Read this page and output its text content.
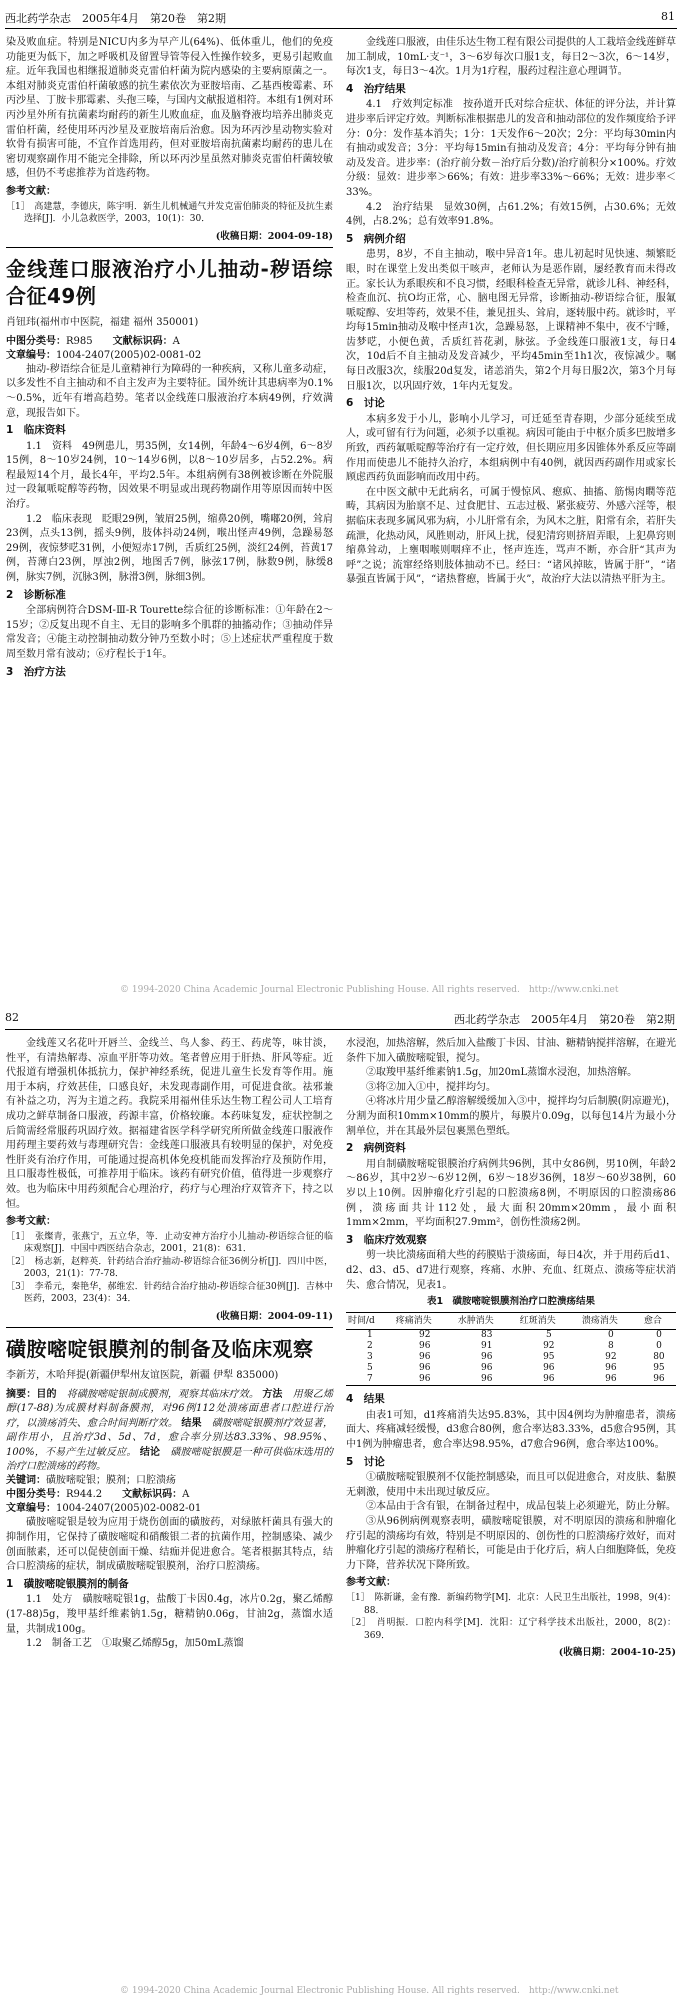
西北药学杂志　2005年4月　第20卷　第2期	81

染及败血症。特别是NICU内多为早产儿(64%)、低体重儿，他们的免疫功能更为低下，加之呼吸机及留置导管等侵入性操作较多，更易引起败血症。近年我国也相继报道肺炎克雷伯杆菌为院内感染的主要病原菌之一。本组对肺炎克雷伯杆菌敏感的抗生素依次为亚胺培南、乙基西梭霉素、环丙沙星、丁胺卡那霉素、头孢三嗪，与国内文献报道相符。本组有1例对环丙沙星外所有抗菌素均耐药的新生儿败血症，血及脑脊液均培养出肺炎克雷伯杆菌，经使用环丙沙星及亚胺培南后治愈。因为环丙沙星动物实验对软骨有损害可能，不宜作首选用药，但对亚胺培南抗菌素均耐药的患儿在密切观察副作用不能完全排除，所以环丙沙星虽然对肺炎克雷伯杆菌较敏感，但仍不考虑推荐为首选药物。

参考文献：
［1］　高建慧，李德庆，陈宇明．新生儿机械通气并发克雷伯肺炎的特征及抗生素选择[J]．小儿急救医学，2003，10(1)：30．
(收稿日期：2004-09-18)
金线莲口服液治疗小儿抽动-秽语综合征49例
肖钮玮(福州市中医院，福建 福州 350001)
中图分类号：R985　　 文献标识码：A
文章编号：1004-2407(2005)02-0081-02

抽动-秽语综合征是儿童精神行为障碍的一种疾病，又称儿童多动症，以多发性不自主抽动和不自主发声为主要特征。国外统计其患病率为0.1%～0.5%，近年有增高趋势。笔者以金线莲口服液治疗本病49例，疗效满意，现报告如下。

1　临床资料

1.1　资料　49例患儿，男35例，女14例，年龄4～6岁4例，6～8岁15例，8～10岁24例，10～14岁6例，以8～10岁居多，占52.2%。病程最短14个月，最长4年，平均2.5年。本组病例有38例被诊断在外院服过一段氟哌啶醇等药物，因效果不明显或出现药物副作用等原因而转中医治疗。

1.2　临床表现　眨眼29例，皱眉25例，缩鼻20例，嘴嘟20例，耸肩23例，点头13例，摇头9例，肢体抖动24例，喉出怪声49例，急躁易怒29例，夜惊梦呓31例，小便短赤17例，舌质红25例，淡红24例，苔黄17例，苔薄白23例，厚浊2例，地图舌7例，脉弦17例，脉数9例，脉缓8例，脉实7例，沉脉3例，脉滑3例，脉细3例。

2　诊断标准

全部病例符合DSM-Ⅲ-R Tourette综合征的诊断标准：①年龄在2～15岁；②反复出现不自主、无目的影响多个肌群的抽搐动作；③抽动伴异常发音；④能主动控制抽动数分钟乃至数小时；⑤上述症状严重程度于数周至数月常有波动；⑥疗程长于1年。

3　治疗方法

金线莲口服液，由佳乐达生物工程有限公司提供的人工栽培金线莲鲜草加工制成，10mL·支⁻¹，3～6岁每次口服1支，每日2～3次，6～14岁，每次1支，每日3～4次。1月为1疗程，服药过程注意心理调节。

4　治疗结果

4.1　疗效判定标准　按孙道开氏对综合症状、体征的评分法，并计算进步率后评定疗效。判断标准根据患儿的发音和抽动部位的发作频度给予评分：0分：发作基本消失；1分：1天发作6～20次；2分：平均每30min内有抽动或发音；3分：平均每15min有抽动及发音；4分：平均每分钟有抽动及发音。进步率：(治疗前分数－治疗后分数)/治疗前积分×100%。疗效分级：显效：进步率＞66%；有效：进步率33%～66%；无效：进步率＜33%。

4.2　治疗结果　显效30例，占61.2%；有效15例，占30.6%；无效4例，占8.2%；总有效率91.8%。

5　病例介绍

患男，8岁，不自主抽动，喉中异音1年。患儿初起时见快速、频繁眨眼，时在课堂上发出类似干咳声，老师认为是恶作剧，屡经教育而未得改正。家长认为系眼疾和不良习惯，经眼科检查无异常，就诊儿科、神经科，检查血沉、抗O均正常，心、脑电图无异常，诊断抽动-秽语综合征，服氟哌啶醇、安坦等药，效果不佳，兼见扭头、耸肩，逐转服中药。就诊时，平均每15min抽动及喉中怪声1次，急躁易怒，上课精神不集中，夜不宁睡，齿梦呓，小便色黄，舌质红苔花剥，脉弦。予金线莲口服液1支，每日4次，10d后不自主抽动及发音减少，平均45min至1h1次，夜惊减少。嘱每日改服3次，续服20d复发，诸恙消失，第2个月每日服2次，第3个月每日服1次，以巩固疗效，1年内无复发。

6　讨论

本病多发于小儿，影响小儿学习，可迁延至青春期，少部分延续至成人，或可留有行为问题，必须予以重视。病因可能由于中枢介质多巴胺增多所致，西药氟哌啶醇等治疗有一定疗效，但长期应用多因锥体外系反应等副作用而使患儿不能持久治疗，本组病例中有40例，就因西药副作用或家长顾虑西药负面影响而改用中药。

在中医文献中无此病名，可属于慢惊风、瘛疭、抽搐、筋惕肉瞤等范畴，其病因为胎禀不足、过食肥甘、五志过极、紧张疲劳、外感六淫等，根据临床表现多属风邪为病，小儿肝常有余，为风木之脏，阳常有余，若肝失疏泄，化热动风，风胜则动，肝风上扰，侵犯清窍则挤眉弄眼，上犯鼻窍则缩鼻耸动，上壅咽喉则咽痒不止，怪声连连，骂声不断，亦合肝“其声为呼”之说；流窜经络则肢体抽动不已。经曰：“诸风掉眩，皆属于肝”，“诸暴强直皆属于风”，“诸热瞀瘛，皆属于火”，故治疗大法以清热平肝为主。

© 1994-2020 China Academic Journal Electronic Publishing House. All rights reserved.　http://www.cnki.net
82	西北药学杂志　2005年4月　第20卷　第2期

金线莲又名花叶开唇兰、金线兰、鸟人参、药王、药虎等，味甘淡，性平，有清热解毒、凉血平肝等功效。笔者曾应用于肝热、肝风等症。近代报道有增强机体抵抗力，保护神经系统，促进儿童生长发育等作用。施用于本病，疗效甚佳，口感良好，未发现毒副作用，可促进食欲。祛邪兼有补益之功，泻为主道之药。我院采用福州佳乐达生物工程公司人工培育成功之鲜草制备口服液，药源丰富，价格较廉。本药味复发，症状控制之后简需经常服药巩固疗效。据福建省医学科学研究所所做金线莲口服液作用药理主要药效与毒理研究告：金线莲口服液具有较明显的保护，对免疫性肝炎有治疗作用，可能通过提高机体免疫机能而发挥治疗及预防作用，且口服毒性极低，可推荐用于临床。该药有研究价值，值得进一步观察疗效。也为临床中用药须配合心理治疗，药疗与心理治疗双管齐下，持之以恒。

参考文献：
［1］　张燦青，张燕宁，五立华，等．止动安神方治疗小儿抽动-秽语综合征的临床观察[J]．中国中西医结合杂志，2001，21(8)：631．
［2］　杨志新，赵粹英．针药结合治疗抽动-秽语综合征36例分析[J]．四川中医，2003，21(1)：77-78．
［3］　李希元，秦艳华，郝维宏．针药结合治疗抽动-秽语综合征30例[J]．吉林中医药，2003，23(4)：34．
(收稿日期：2004-09-11)
磺胺嘧啶银膜剂的制备及临床观察
李新芳，木哈拜提(新疆伊犁州友谊医院，新疆 伊犁 835000)
摘要：目的　 将磺胺嘧啶银制成膜剂，观察其临床疗效。 方法　 用聚乙烯醇(17-88)为成膜材料制备膜剂，对96例112处溃疡面患者口腔进行治疗，以溃疡消失、愈合时间判断疗效。 结果　 磺胺嘧啶银膜剂疗效显著，副作用小，且治疗3d、5d、7d，愈合率分别达83.33%、98.95%、100%，不易产生过敏反应。 结论　 磺胺嘧啶银膜是一种可供临床选用的治疗口腔溃疡的药物。
关键词：磺胺嘧啶银；膜剂；口腔溃疡
中图分类号：R944.2　　 文献标识码：A
文章编号：1004-2407(2005)02-0082-01

磺胺嘧啶银是较为应用于烧伤创面的磺胺药，对绿脓杆菌具有强大的抑制作用，它保持了磺胺嘧啶和硝酸银二者的抗菌作用，控制感染、减少创面脓素，还可以促使创面干燥、结痂并促进愈合。笔者根据其特点，结合口腔溃疡的症状，制成磺胺嘧啶银膜剂，治疗口腔溃疡。

1　磺胺嘧啶银膜剂的制备

1.1　处方　磺胺嘧啶银1g，盐酸丁卡因0.4g，冰片0.2g，聚乙烯醇(17-88)5g，羧甲基纤维素钠1.5g，糖精钠0.06g，甘油2g，蒸馏水适量，共制成100g。

1.2　制备工艺　①取聚乙烯醇5g，加50mL蒸馏

水浸泡，加热溶解，然后加入盐酸丁卡因、甘油、糖精钠搅拌溶解，在避光条件下加入磺胺嘧啶银，搅匀。

②取羧甲基纤维素钠1.5g，加20mL蒸馏水浸泡，加热溶解。

③将②加入①中，搅拌均匀。

④将冰片用少量乙醇溶解缓缓加入③中，搅拌均匀后制膜(阴凉避光)，分割为面积10mm×10mm的膜片，每膜片0.09g，以每包14片为最小分割单位，并在其最外层包裹黑色塑纸。

2　病例资料

用自制磺胺嘧啶银膜治疗病例共96例，其中女86例，男10例，年龄2～86岁，其中2岁～6岁12例，6岁～18岁36例，18岁～60岁38例，60岁以上10例。因肿瘤化疗引起的口腔溃疡8例，不明原因的口腔溃疡86例，溃疡面共计112处，最大面积20mm×20mm，最小面积1mm×2mm，平均面积27.9mm²，创伤性溃疡2例。

3　临床疗效观察

剪一块比溃疡面稍大些的药膜贴于溃疡面，每日4次，并于用药后d1、d2、d3、d5、d7进行观察，疼痛、水肿、充血、红斑点、溃疡等症状消失、愈合情况，见表1。

表1　磺胺嘧啶银膜剂治疗口腔溃疡结果
时间/d	疼痛消失	水肿消失	红斑消失	溃疡消失	愈合
1	92	83	5	0	0
2	96	91	92	8	0
3	96	96	95	92	80
5	96	96	96	96	95
7	96	96	96	96	96
4　结果

由表1可知，d1疼痛消失达95.83%，其中因4例均为肿瘤患者，溃疡面大、疼痛减轻缓慢，d3愈合80例，愈合率达83.33%，d5愈合95例，其中1例为肿瘤患者，愈合率达98.95%，d7愈合96例，愈合率达100%。

5　讨论

①磺胺嘧啶银膜剂不仅能控制感染，而且可以促进愈合，对皮肤、黏膜无刺激，使用中未出现过敏反应。

②本品由于含有银，在制备过程中，成品包装上必须避光，防止分解。

③从96例病例观察表明，磺胺嘧啶银膜，对不明原因的溃疡和肿瘤化疗引起的溃疡均有效，特别是不明原因的、创伤性的口腔溃疡疗效好，而对肿瘤化疗引起的溃疡疗程稍长，可能是由于化疗后，病人白细胞降低，免疫力下降，营养状况下降所致。

参考文献：
［1］　陈新谦，金有豫．新编药物学[M]．北京：人民卫生出版社，1998，9(4)：88．
［2］　肖明振．口腔内科学[M]．沈阳：辽宁科学技术出版社，2000，8(2)：369．
(收稿日期：2004-10-25)
© 1994-2020 China Academic Journal Electronic Publishing House. All rights reserved.　http://www.cnki.net
